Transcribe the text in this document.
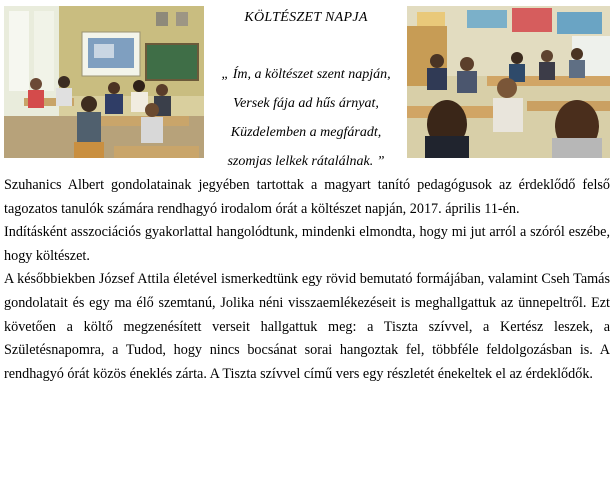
KÖLTÉSZET NAPJA
„ Ím, a költészet szent napján,
Versek fája ad hűs árnyat,
Küzdelemben a megfáradt,
szomjas lelkek rátalálnak. ”

Szuhanics Albert gondolatainak jegyében tartottak a magyart tanító pedagógusok az érdeklődő felső tagozatos tanulók számára rendhagyó irodalom órát a költészet napján, 2017. április 11-én.

Indításként asszociációs gyakorlattal hangolódtunk, mindenki elmondta, hogy mi jut arról a szóról eszébe, hogy költészet.

A későbbiekben József Attila életével ismerkedtünk egy rövid bemutató formájában, valamint Cseh Tamás gondolatait és egy ma élő szemtanú, Jolika néni visszaemlékezéseit is meghallgattuk az ünnepeltről. Ezt követően a költő megzenésített verseit hallgattuk meg: a Tiszta szívvel, a Kertész leszek, a Születésnapomra, a Tudod, hogy nincs bocsánat sorai hangoztak fel, többféle feldolgozásban is. A rendhagyó órát közös éneklés zárta. A Tiszta szívvel című vers egy részletét énekeltek el az érdeklődők.
